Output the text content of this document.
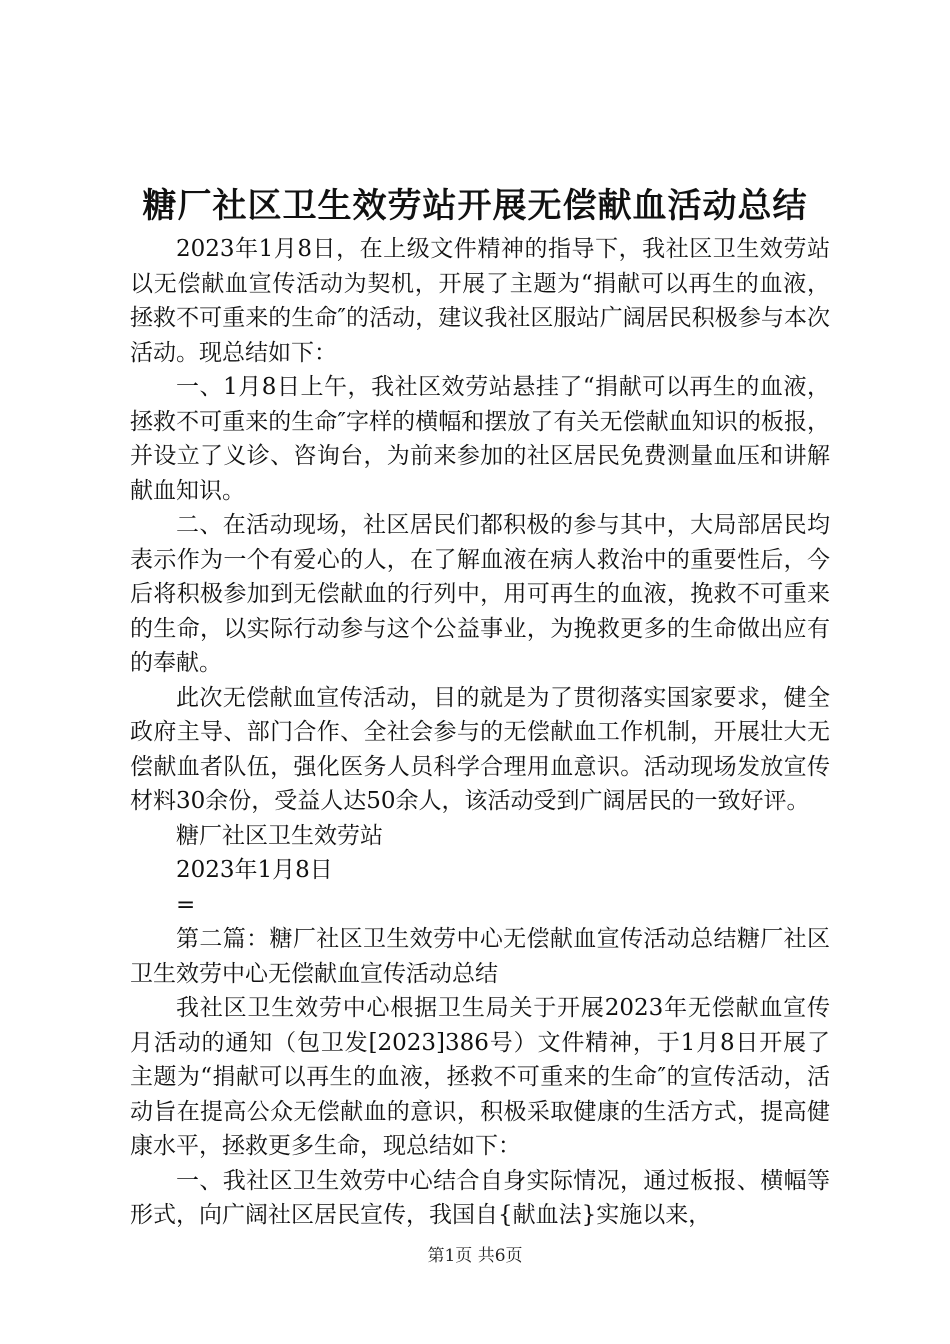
糖厂社区卫生效劳站开展无偿献血活动总结

2023年1月8日，在上级文件精神的指导下，我社区卫生效劳站以无偿献血宣传活动为契机，开展了主题为“捐献可以再生的血液，拯救不可重来的生命″的活动，建议我社区服站广阔居民积极参与本次活动。现总结如下：

一、1月8日上午，我社区效劳站悬挂了“捐献可以再生的血液，拯救不可重来的生命″字样的横幅和摆放了有关无偿献血知识的板报，并设立了义诊、咨询台，为前来参加的社区居民免费测量血压和讲解献血知识。

二、在活动现场，社区居民们都积极的参与其中，大局部居民均表示作为一个有爱心的人，在了解血液在病人救治中的重要性后，今后将积极参加到无偿献血的行列中，用可再生的血液，挽救不可重来的生命，以实际行动参与这个公益事业，为挽救更多的生命做出应有的奉献。

此次无偿献血宣传活动，目的就是为了贯彻落实国家要求，健全政府主导、部门合作、全社会参与的无偿献血工作机制，开展壮大无偿献血者队伍，强化医务人员科学合理用血意识。活动现场发放宣传材料30余份，受益人达50余人，该活动受到广阔居民的一致好评。

糖厂社区卫生效劳站

2023年1月8日

=

第二篇：糖厂社区卫生效劳中心无偿献血宣传活动总结糖厂社区卫生效劳中心无偿献血宣传活动总结

我社区卫生效劳中心根据卫生局关于开展2023年无偿献血宣传月活动的通知（包卫发[2023]386号）文件精神，于1月8日开展了主题为“捐献可以再生的血液，拯救不可重来的生命″的宣传活动，活动旨在提高公众无偿献血的意识，积极采取健康的生活方式，提高健康水平，拯救更多生命，现总结如下：

一、我社区卫生效劳中心结合自身实际情况，通过板报、横幅等形式，向广阔社区居民宣传，我国自{献血法}实施以来，

第1页 共6页
